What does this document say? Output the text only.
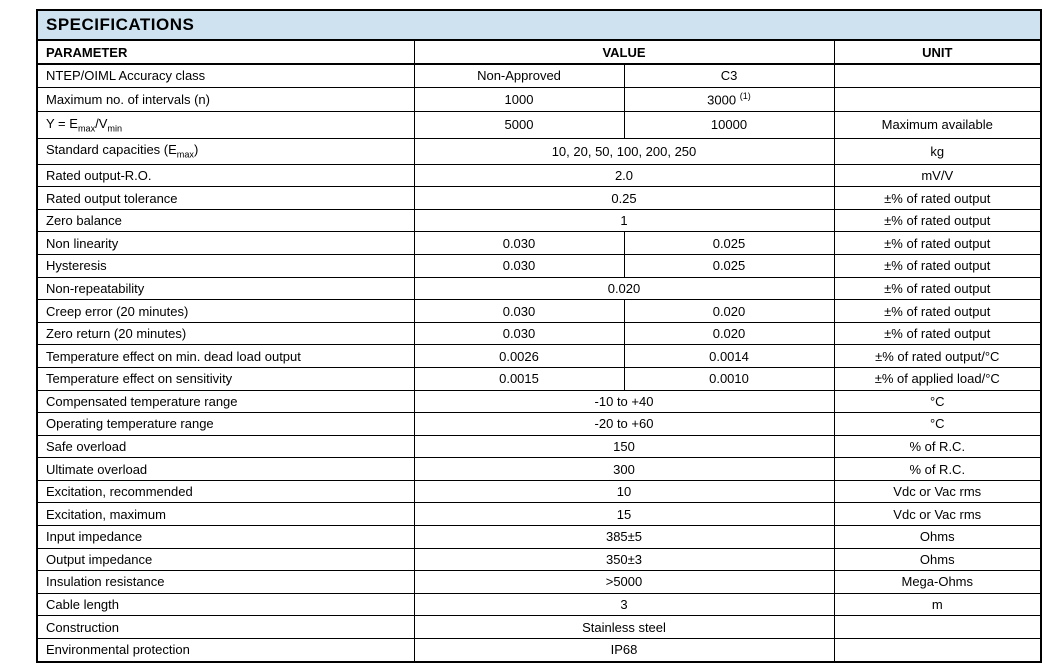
SPECIFICATIONS			
PARAMETER	VALUE		UNIT
NTEP/OIML Accuracy class	Non-Approved	C3	
Maximum no. of intervals (n)	1000	3000 $^{(1)}$	
$Y = E_{max}/V_{min}$	5000	10000	Maximum available
Standard capacities $(E_{max})$	10, 20, 50, 100, 200, 250		kg
Rated output-R.O.	2.0		mV/V
Rated output tolerance	0.25		±% of rated output
Zero balance	1		±% of rated output
Non linearity	0.030	0.025	±% of rated output
Hysteresis	0.030	0.025	±% of rated output
Non-repeatability	0.020		±% of rated output
Creep error (20 minutes)	0.030	0.020	±% of rated output
Zero return (20 minutes)	0.030	0.020	±% of rated output
Temperature effect on min. dead load output	0.0026	0.0014	±% of rated output/°C
Temperature effect on sensitivity	0.0015	0.0010	±% of applied load/°C
Compensated temperature range	-10 to +40		°C
Operating temperature range	-20 to +60		°C
Safe overload	150		% of R.C.
Ultimate overload	300		% of R.C.
Excitation, recommended	10		Vdc or Vac rms
Excitation, maximum	15		Vdc or Vac rms
Input impedance	385±5		Ohms
Output impedance	350±3		Ohms
Insulation resistance	>5000		Mega-Ohms
Cable length	3		m
Construction	Stainless steel		
Environmental protection	IP68		
